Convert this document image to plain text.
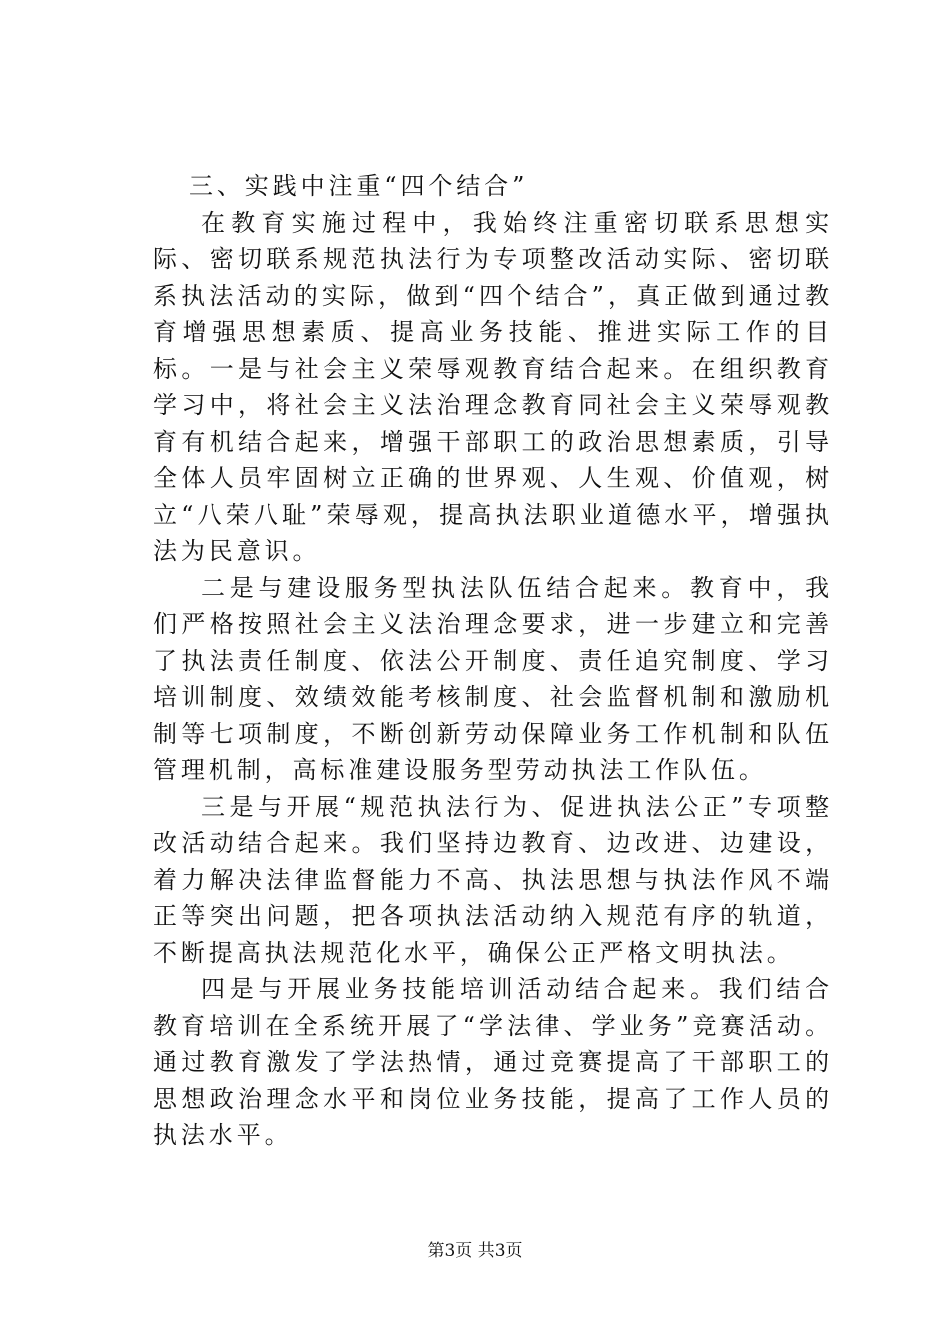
三、实践中注重“四个结合”

在教育实施过程中，我始终注重密切联系思想实际、密切联系规范执法行为专项整改活动实际、密切联系执法活动的实际，做到“四个结合”，真正做到通过教育增强思想素质、提高业务技能、推进实际工作的目标。一是与社会主义荣辱观教育结合起来。在组织教育学习中，将社会主义法治理念教育同社会主义荣辱观教育有机结合起来，增强干部职工的政治思想素质，引导全体人员牢固树立正确的世界观、人生观、价值观，树立“八荣八耻”荣辱观，提高执法职业道德水平，增强执法为民意识。

二是与建设服务型执法队伍结合起来。教育中，我们严格按照社会主义法治理念要求，进一步建立和完善了执法责任制度、依法公开制度、责任追究制度、学习培训制度、效绩效能考核制度、社会监督机制和激励机制等七项制度，不断创新劳动保障业务工作机制和队伍管理机制，高标准建设服务型劳动执法工作队伍。

三是与开展“规范执法行为、促进执法公正”专项整改活动结合起来。我们坚持边教育、边改进、边建设，着力解决法律监督能力不高、执法思想与执法作风不端正等突出问题，把各项执法活动纳入规范有序的轨道，不断提高执法规范化水平，确保公正严格文明执法。

四是与开展业务技能培训活动结合起来。我们结合教育培训在全系统开展了“学法律、学业务”竞赛活动。通过教育激发了学法热情，通过竞赛提高了干部职工的思想政治理念水平和岗位业务技能，提高了工作人员的执法水平。

第3页 共3页
